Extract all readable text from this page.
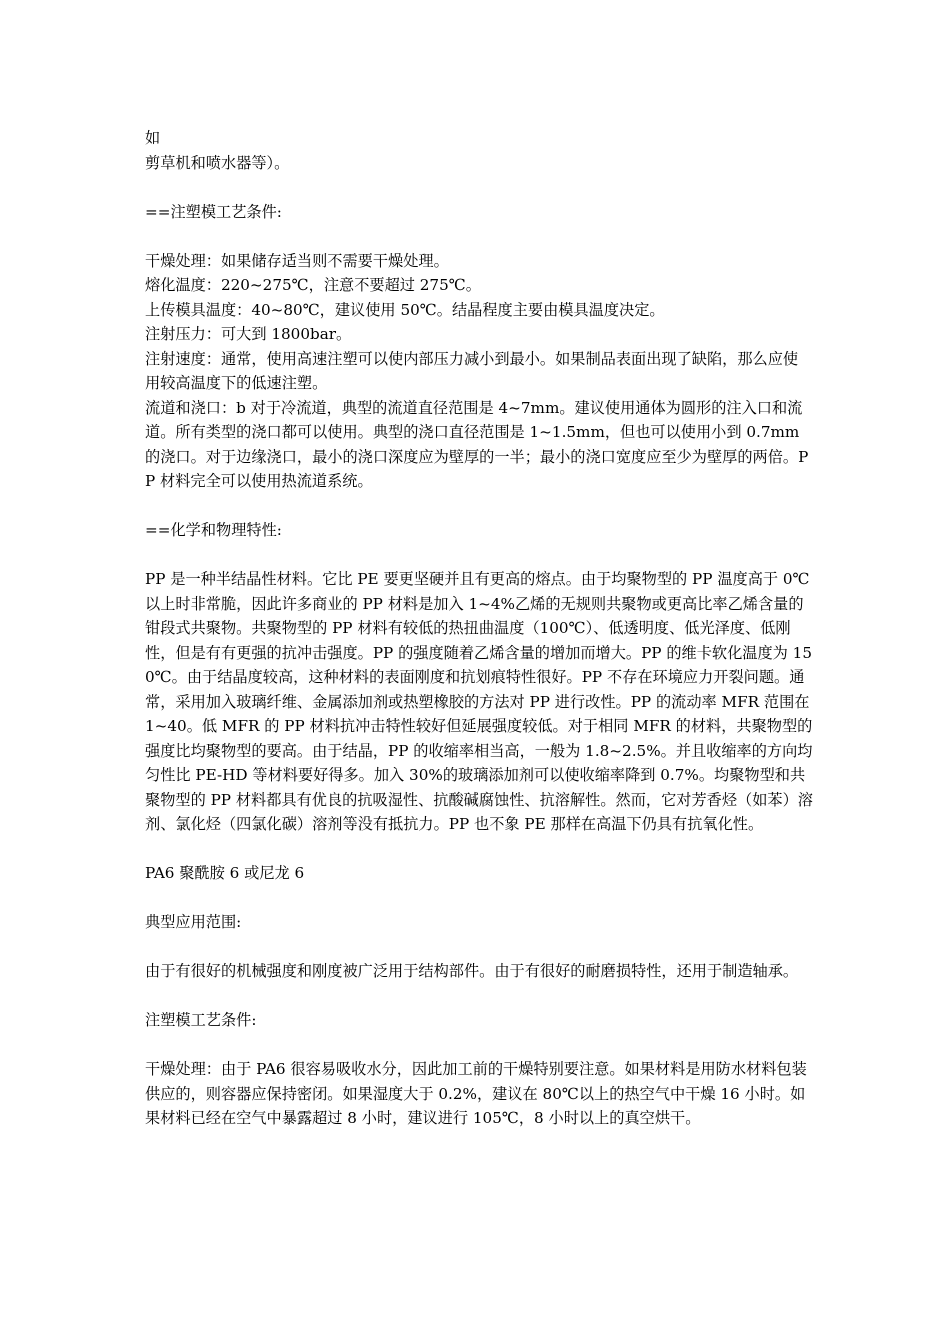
如

剪草机和喷水器等）。

==注塑模工艺条件:

干燥处理：如果储存适当则不需要干燥处理。

熔化温度：220~275℃，注意不要超过 275℃。

上传模具温度：40~80℃，建议使用 50℃。结晶程度主要由模具温度决定。

注射压力：可大到 1800bar。

注射速度：通常，使用高速注塑可以使内部压力减小到最小。如果制品表面出现了缺陷，那么应使用较高温度下的低速注塑。

流道和浇口：b 对于冷流道，典型的流道直径范围是 4~7mm。建议使用通体为圆形的注入口和流道。所有类型的浇口都可以使用。典型的浇口直径范围是 1~1.5mm，但也可以使用小到 0.7mm 的浇口。对于边缘浇口，最小的浇口深度应为壁厚的一半；最小的浇口宽度应至少为壁厚的两倍。PP 材料完全可以使用热流道系统。

==化学和物理特性:

PP 是一种半结晶性材料。它比 PE 要更坚硬并且有更高的熔点。由于均聚物型的 PP 温度高于 0℃以上时非常脆，因此许多商业的 PP 材料是加入 1~4%乙烯的无规则共聚物或更高比率乙烯含量的钳段式共聚物。共聚物型的 PP 材料有较低的热扭曲温度（100℃）、低透明度、低光泽度、低刚性，但是有有更强的抗冲击强度。PP 的强度随着乙烯含量的增加而增大。PP 的维卡软化温度为 150℃。由于结晶度较高，这种材料的表面刚度和抗划痕特性很好。PP 不存在环境应力开裂问题。通常，采用加入玻璃纤维、金属添加剂或热塑橡胶的方法对 PP 进行改性。PP 的流动率 MFR 范围在 1~40。低 MFR 的 PP 材料抗冲击特性较好但延展强度较低。对于相同 MFR 的材料，共聚物型的强度比均聚物型的要高。由于结晶，PP 的收缩率相当高，一般为 1.8~2.5%。并且收缩率的方向均匀性比 PE-HD 等材料要好得多。加入 30%的玻璃添加剂可以使收缩率降到 0.7%。均聚物型和共聚物型的 PP 材料都具有优良的抗吸湿性、抗酸碱腐蚀性、抗溶解性。然而，它对芳香烃（如苯）溶剂、氯化烃（四氯化碳）溶剂等没有抵抗力。PP 也不象 PE 那样在高温下仍具有抗氧化性。

PA6 聚酰胺 6 或尼龙 6

典型应用范围:

由于有很好的机械强度和刚度被广泛用于结构部件。由于有很好的耐磨损特性，还用于制造轴承。

注塑模工艺条件:

干燥处理：由于 PA6 很容易吸收水分，因此加工前的干燥特别要注意。如果材料是用防水材料包装供应的，则容器应保持密闭。如果湿度大于 0.2%，建议在 80℃以上的热空气中干燥 16 小时。如果材料已经在空气中暴露超过 8 小时，建议进行 105℃，8 小时以上的真空烘干。
